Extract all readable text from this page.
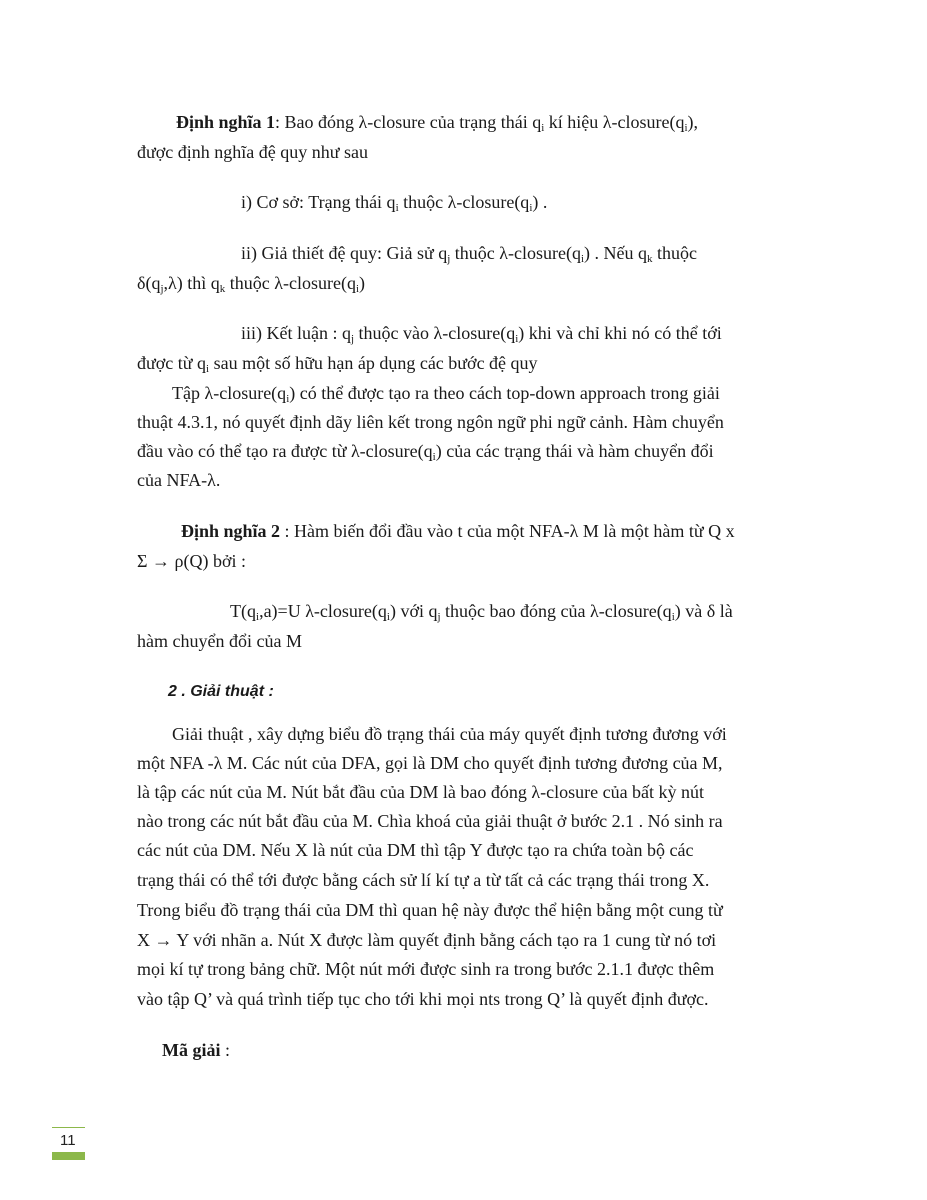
Định nghĩa 1: Bao đóng λ-closure của trạng thái $q_i$ kí hiệu $\lambda-closure(q_i)$,
được định nghĩa đệ quy như sau
i) Cơ sở: Trạng thái $q_i$ thuộc $\lambda-closure(q_i)$ .
ii) Giả thiết đệ quy: Giả sử $q_j$ thuộc $\lambda-closure(q_i)$ . Nếu $q_k$ thuộc
$\delta(q_j,\lambda)$ thì $q_k$ thuộc $\lambda-closure(q_i)$
iii) Kết luận : $q_j$ thuộc vào $\lambda-closure(q_i)$ khi và chỉ khi nó có thể tới
được từ $q_i$ sau một số hữu hạn áp dụng các bước đệ quy
Tập $\lambda-closure(q_i)$ có thể được tạo ra theo cách top-down approach trong giải
thuật 4.3.1, nó quyết định dãy liên kết trong ngôn ngữ phi ngữ cảnh. Hàm chuyển
đầu vào có thể tạo ra được từ $\lambda-closure(q_i)$ của các trạng thái và hàm chuyển đổi
của NFA-λ.
Định nghĩa 2 : Hàm biến đổi đầu vào t của một NFA-λ M là một hàm từ Q x
Σ → ρ(Q) bởi :
$T(q_i,a)=U$ $\lambda-closure(q_i)$ với $q_j$ thuộc bao đóng của $\lambda-closure(q_i)$ và δ là
hàm chuyển đổi của M
2 . Giải thuật :
Giải thuật , xây dựng biểu đồ trạng thái của máy quyết định tương đương với
một NFA -λ M. Các nút của DFA, gọi là DM cho quyết định tương đương của M,
là tập các nút của M. Nút bắt đầu của DM là bao đóng λ-closure của bất kỳ nút
nào trong các nút bắt đầu của M. Chìa khoá của giải thuật ở bước 2.1 . Nó sinh ra
các nút của DM. Nếu X là nút của DM thì tập Y được tạo ra chứa toàn bộ các
trạng thái có thể tới được bằng cách sử lí kí tự a từ tất cả các trạng thái trong X.
Trong biểu đồ trạng thái của DM thì quan hệ này được thể hiện bằng một cung từ
X → Y với nhãn a. Nút X được làm quyết định bằng cách tạo ra 1 cung từ nó tơi
mọi kí tự trong bảng chữ. Một nút mới được sinh ra trong bước 2.1.1 được thêm
vào tập Q’ và quá trình tiếp tục cho tới khi mọi nts trong Q’ là quyết định được.
Mã giải :
11
